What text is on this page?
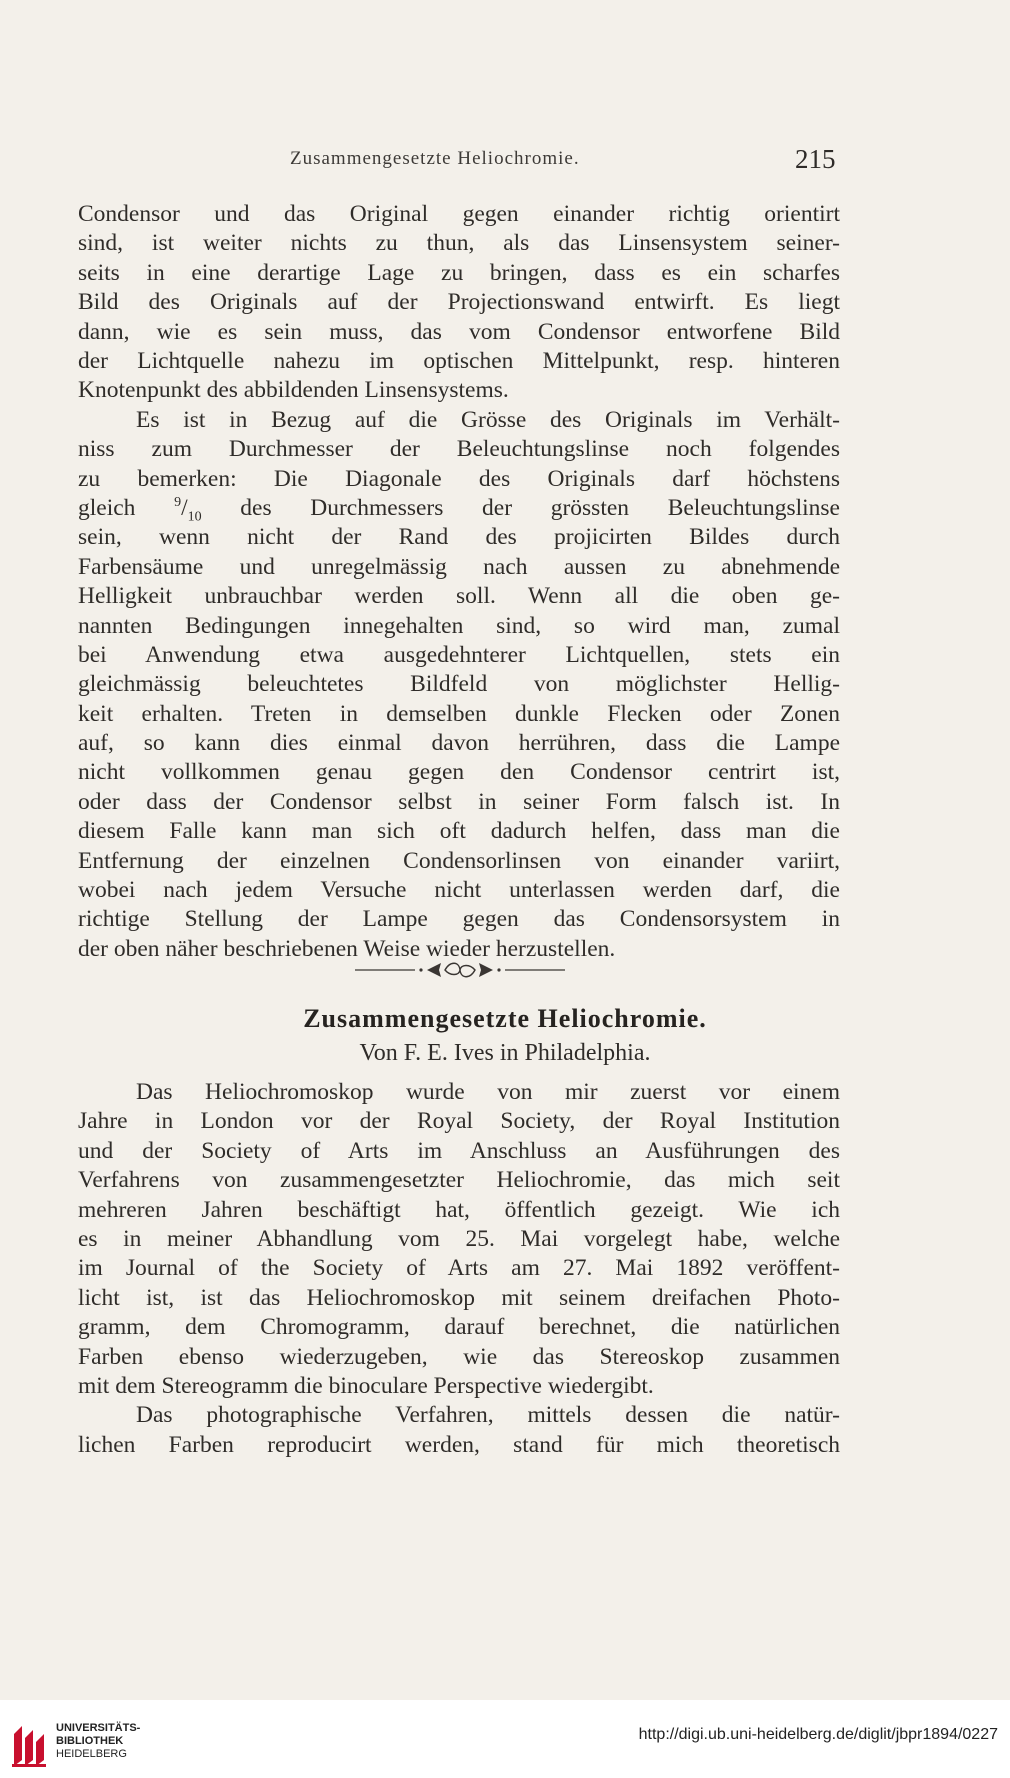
Zusammengesetzte Heliochromie.	215
Condensor und das Original gegen einander richtig orientirt
sind, ist weiter nichts zu thun, als das Linsensystem seiner-
seits in eine derartige Lage zu bringen, dass es ein scharfes
Bild des Originals auf der Projectionswand entwirft. Es liegt
dann, wie es sein muss, das vom Condensor entworfene Bild
der Lichtquelle nahezu im optischen Mittelpunkt, resp. hinteren
Knotenpunkt des abbildenden Linsensystems.
Es ist in Bezug auf die Grösse des Originals im Verhält-
niss zum Durchmesser der Beleuchtungslinse noch folgendes
zu bemerken: Die Diagonale des Originals darf höchstens
gleich $^9/_{10}$ des Durchmessers der grössten Beleuchtungslinse
sein, wenn nicht der Rand des projicirten Bildes durch
Farbensäume und unregelmässig nach aussen zu abnehmende
Helligkeit unbrauchbar werden soll. Wenn all die oben ge-
nannten Bedingungen innegehalten sind, so wird man, zumal
bei Anwendung etwa ausgedehnterer Lichtquellen, stets ein
gleichmässig beleuchtetes Bildfeld von möglichster Hellig-
keit erhalten. Treten in demselben dunkle Flecken oder Zonen
auf, so kann dies einmal davon herrühren, dass die Lampe
nicht vollkommen genau gegen den Condensor centrirt ist,
oder dass der Condensor selbst in seiner Form falsch ist. In
diesem Falle kann man sich oft dadurch helfen, dass man die
Entfernung der einzelnen Condensorlinsen von einander variirt,
wobei nach jedem Versuche nicht unterlassen werden darf, die
richtige Stellung der Lampe gegen das Condensorsystem in
der oben näher beschriebenen Weise wieder herzustellen.
Zusammengesetzte Heliochromie.
Von F. E. Ives in Philadelphia.
Das Heliochromoskop wurde von mir zuerst vor einem
Jahre in London vor der Royal Society, der Royal Institution
und der Society of Arts im Anschluss an Ausführungen des
Verfahrens von zusammengesetzter Heliochromie, das mich seit
mehreren Jahren beschäftigt hat, öffentlich gezeigt. Wie ich
es in meiner Abhandlung vom 25. Mai vorgelegt habe, welche
im Journal of the Society of Arts am 27. Mai 1892 veröffent-
licht ist, ist das Heliochromoskop mit seinem dreifachen Photo-
gramm, dem Chromogramm, darauf berechnet, die natürlichen
Farben ebenso wiederzugeben, wie das Stereoskop zusammen
mit dem Stereogramm die binoculare Perspective wiedergibt.
Das photographische Verfahren, mittels dessen die natür-
lichen Farben reproducirt werden, stand für mich theoretisch
UNIVERSITÄTS-
BIBLIOTHEK
HEIDELBERG
http://digi.ub.uni-heidelberg.de/diglit/jbpr1894/0227
